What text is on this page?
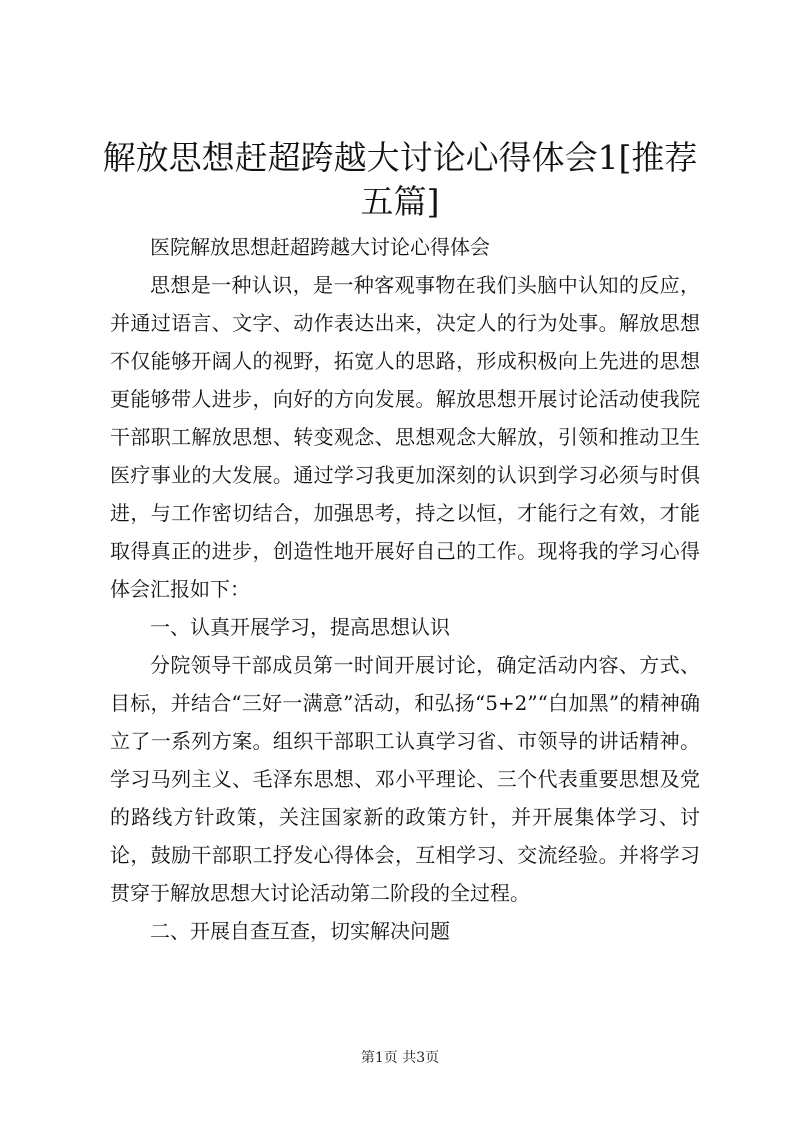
解放思想赶超跨越大讨论心得体会1[推荐五篇]

医院解放思想赶超跨越大讨论心得体会

思想是一种认识，是一种客观事物在我们头脑中认知的反应，并通过语言、文字、动作表达出来，决定人的行为处事。解放思想不仅能够开阔人的视野，拓宽人的思路，形成积极向上先进的思想更能够带人进步，向好的方向发展。解放思想开展讨论活动使我院干部职工解放思想、转变观念、思想观念大解放，引领和推动卫生医疗事业的大发展。通过学习我更加深刻的认识到学习必须与时俱进，与工作密切结合，加强思考，持之以恒，才能行之有效，才能取得真正的进步，创造性地开展好自己的工作。现将我的学习心得体会汇报如下：

一、认真开展学习，提高思想认识

分院领导干部成员第一时间开展讨论，确定活动内容、方式、目标，并结合“三好一满意”活动，和弘扬“5+2”“白加黑”的精神确立了一系列方案。组织干部职工认真学习省、市领导的讲话精神。学习马列主义、毛泽东思想、邓小平理论、三个代表重要思想及党的路线方针政策，关注国家新的政策方针，并开展集体学习、讨论，鼓励干部职工抒发心得体会，互相学习、交流经验。并将学习贯穿于解放思想大讨论活动第二阶段的全过程。

二、开展自查互查，切实解决问题

第1页 共3页
